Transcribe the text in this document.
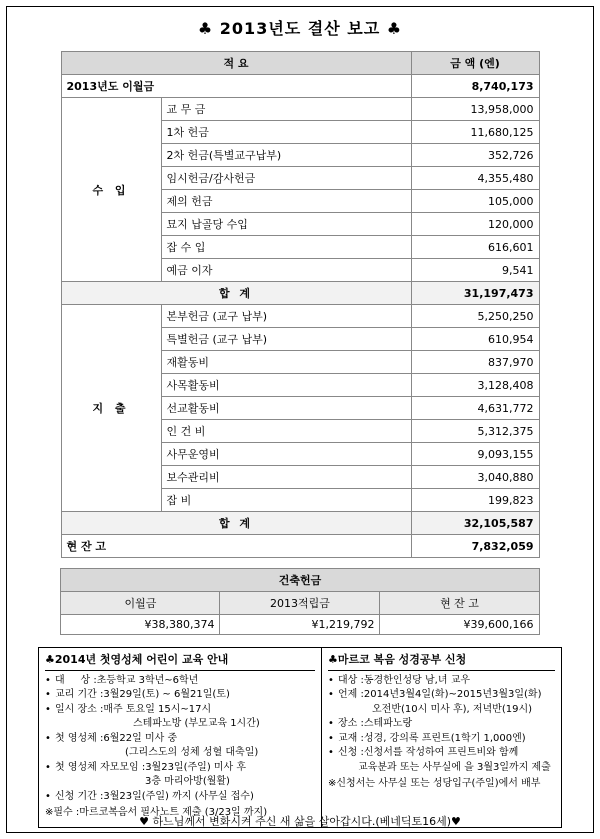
♣ 2013년도 결산 보고 ♣
적 요		금 액 (엔)
2013년도 이월금		8,740,173
수 입	교 무 금	13,958,000
	1차 헌금	11,680,125
	2차 헌금(특별교구납부)	352,726
	임시헌금/감사헌금	4,355,480
	제의 헌금	105,000
	묘지 납골당 수입	120,000
	잡 수 입	616,601
	예금 이자	9,541
합 계		31,197,473
지 출	본부헌금 (교구 납부)	5,250,250
	특별헌금 (교구 납부)	610,954
	재활동비	837,970
	사목활동비	3,128,408
	선교활동비	4,631,772
	인 건 비	5,312,375
	사무운영비	9,093,155
	보수관리비	3,040,880
	잡 비	199,823
합 계		32,105,587
현 잔 고		7,832,059
건축헌금		
이월금	2013적립금	현 잔 고
¥38,380,374	¥1,219,792	¥39,600,166
♣2014년 첫영성체 어린이 교육 안내
• 대     상 : 초등학교 3학년~6학년
• 교리 기간 : 3월29일(토) ~ 6월21일(토)
• 일시 장소 : 매주 토요일 15시~17시
스테파노방 (부모교육 1시간)
• 첫 영성체 : 6월22일 미사 중
(그리스도의 성체 성혈 대축일)
• 첫 영성체 자모모임 : 3월23일(주일) 미사 후
3층 마리아방(월활)
• 신청 기간 : 3월23일(주일) 까지 (사무실 접수)
※필수 :마르코복음서 필사노트 제출 (3/23일 까지)
♣마르코 복음 성경공부 신청
• 대상 : 동경한인성당 남,녀 교우
• 언제 : 2014년3월4일(화)~2015년3월3일(화)
오전반(10시 미사 후), 저녁반(19시)
• 장소 : 스테파노랑
• 교재 : 성경, 강의록 프린트(1학기 1,000엔)
• 신청 : 신청서를 작성하여 프린트비와 함께
교육분과 또는 사무실에 을 3월3일까지 제출
※신청서는 사무실 또는 성당입구(주일)에서 배부
♥ 하느님께서 변화시켜 주신 새 삶을 살아갑시다.(베네딕토16세)♥
